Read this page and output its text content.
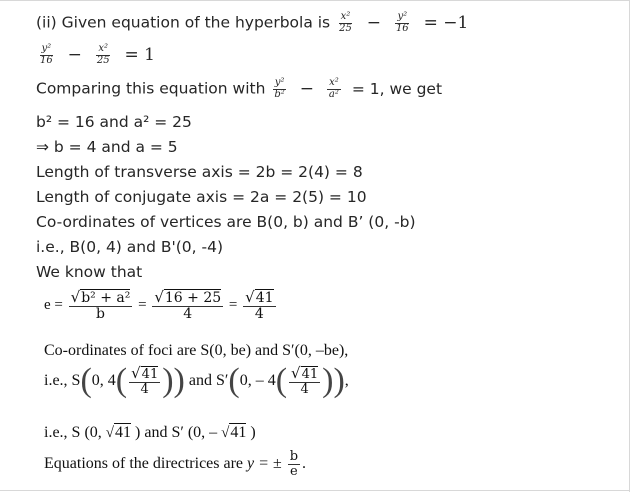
(ii) Given equation of the hyperbola is $\frac{\text{x²}}{25} - \frac{\text{y²}}{16} = -1$
$\frac{\text{y²}}{16} - \frac{\text{x²}}{25} = 1$
Comparing this equation with $\frac{\text{y²}}{\text{b²}} - \frac{\text{x²}}{\text{a²}} = 1$, we get
b² = 16 and a² = 25
⇒ b = 4 and a = 5
Length of transverse axis = 2b = 2(4) = 8
Length of conjugate axis = 2a = 2(5) = 10
Co-ordinates of vertices are B(0, b) and B’ (0, -b)
i.e., B(0, 4) and B'(0, -4)
We know that
$e = \frac{\text{√b² + a²}}{b} = \frac{√16 + 25}{4} = \frac{√41}{4}$
Co-ordinates of foci are S(0, be) and S′(0, –be),
i.e., S(0, $4( \frac{√41}{4}$ )) and S′(0, – $4( \frac{√41}{4}$ )),
i.e., S (0, √41 ) and S′ (0, – √41 )
Equations of the directrices are y = ± $\frac{b}{e}$ .
